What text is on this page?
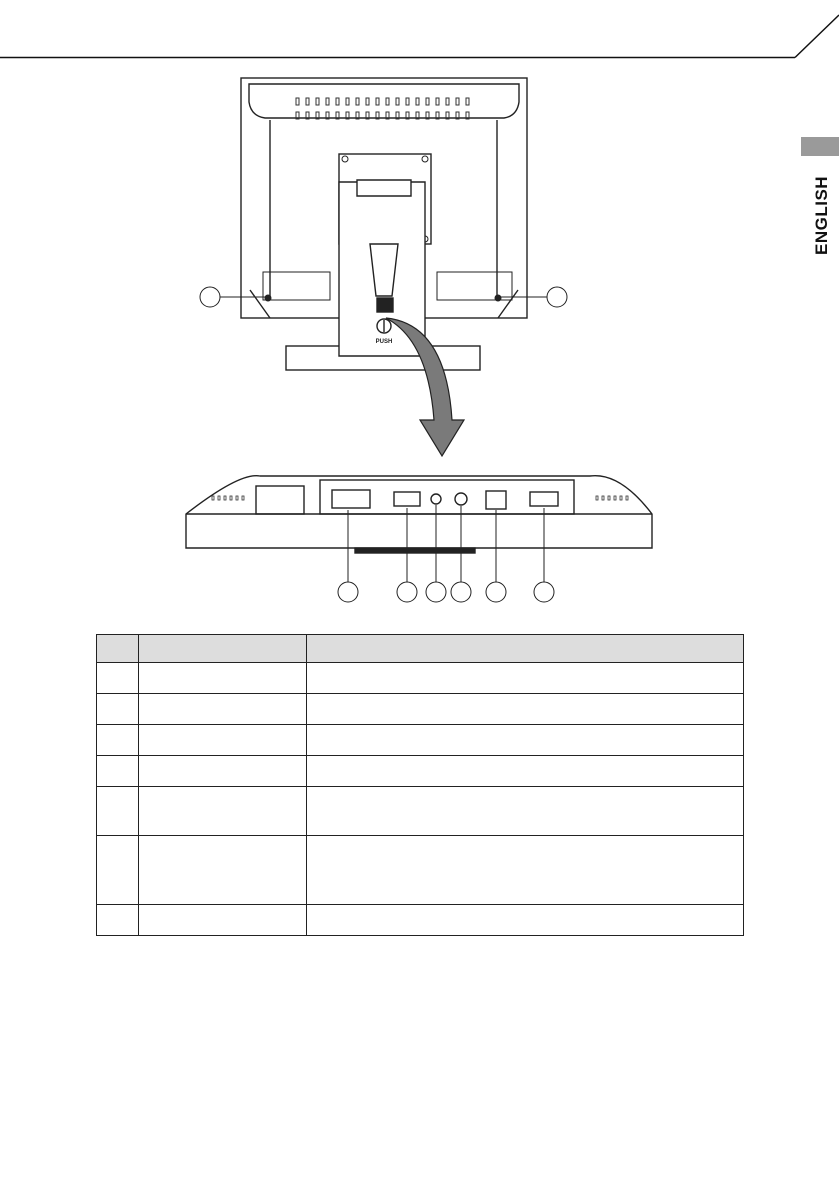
ENGLISH
PUSH
